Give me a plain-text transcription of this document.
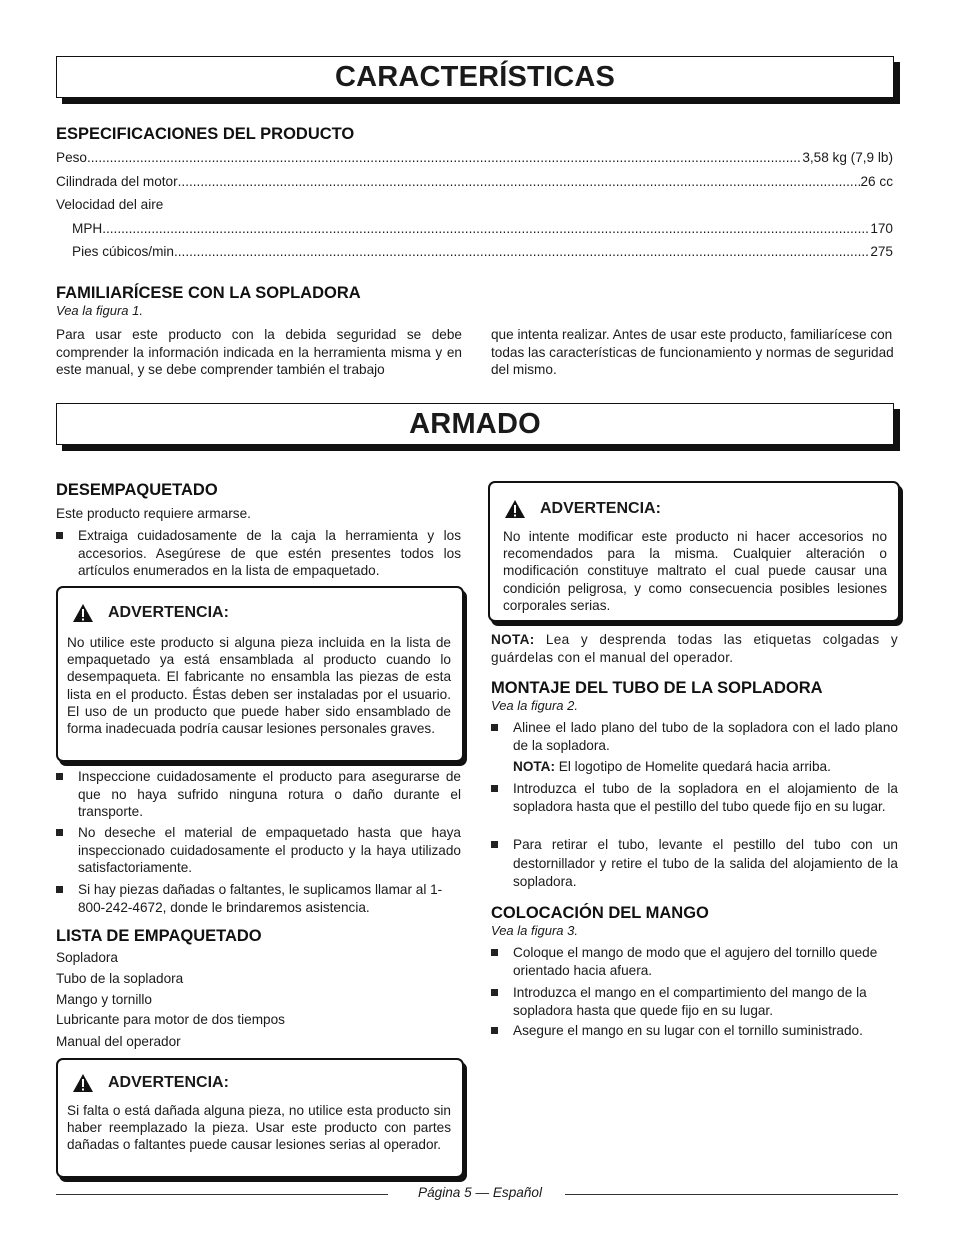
CARACTERÍSTICAS
ESPECIFICACIONES DEL PRODUCTO
Peso .....	3,58 kg (7,9 lb)
Cilindrada del motor .....	26 cc
Velocidad del aire
MPH .....	170
Pies cúbicos/min. .....	275
FAMILIARÍCESE CON LA SOPLADORA
Vea la figura 1.
Para usar este producto con la debida seguridad se debe comprender la información indicada en la herramienta misma y en este manual, y se debe comprender también el trabajo
que intenta realizar. Antes de usar este producto, familiarícese con todas las características de funcionamiento y normas de seguridad del mismo.
ARMADO
DESEMPAQUETADO
Este producto requiere armarse.
Extraiga cuidadosamente de la caja la herramienta y los accesorios. Asegúrese de que estén presentes todos los artículos enumerados en la lista de empaquetado.
ADVERTENCIA:
No utilice este producto si alguna pieza incluida en la lista de empaquetado ya está ensamblada al producto cuando lo desempaqueta. El fabricante no ensambla las piezas de esta lista en el producto. Éstas deben ser instaladas por el usuario. El uso de un producto que puede haber sido ensamblado de forma inadecuada podría causar lesiones personales graves.
Inspeccione cuidadosamente el producto para asegurarse de que no haya sufrido ninguna rotura o daño durante el transporte.
No deseche el material de empaquetado hasta que haya inspeccionado cuidadosamente el producto y la haya utilizado satisfactoriamente.
Si hay piezas dañadas o faltantes, le suplicamos llamar al 1-800-242-4672, donde le brindaremos asistencia.
LISTA DE EMPAQUETADO
Sopladora
Tubo de la sopladora
Mango y tornillo
Lubricante para motor de dos tiempos
Manual del operador
ADVERTENCIA:
Si falta o está dañada alguna pieza, no utilice esta producto sin haber reemplazado la pieza. Usar este producto con partes dañadas o faltantes puede causar lesiones serias al operador.
ADVERTENCIA:
No intente modificar este producto ni hacer accesorios no recomendados para la misma. Cualquier alteración o modificación constituye maltrato el cual puede causar una condición peligrosa, y como consecuencia posibles lesiones corporales serias.
NOTA: Lea y desprenda todas las etiquetas colgadas y guárdelas con el manual del operador.
MONTAJE DEL TUBO DE LA SOPLADORA
Vea la figura 2.
Alinee el lado plano del tubo de la sopladora con el lado plano de la sopladora.
NOTA: El logotipo de Homelite quedará hacia arriba.
Introduzca el tubo de la sopladora en el alojamiento de la sopladora hasta que el pestillo del tubo quede fijo en su lugar.
Para retirar el tubo, levante el pestillo del tubo con un destornillador y retire el tubo de la salida del alojamiento de la sopladora.
COLOCACIÓN DEL MANGO
Vea la figura 3.
Coloque el mango de modo que el agujero del tornillo quede orientado hacia afuera.
Introduzca el mango en el compartimiento del mango de la sopladora hasta que quede fijo en su lugar.
Asegure el mango en su lugar con el tornillo suministrado.
Página 5 — Español
